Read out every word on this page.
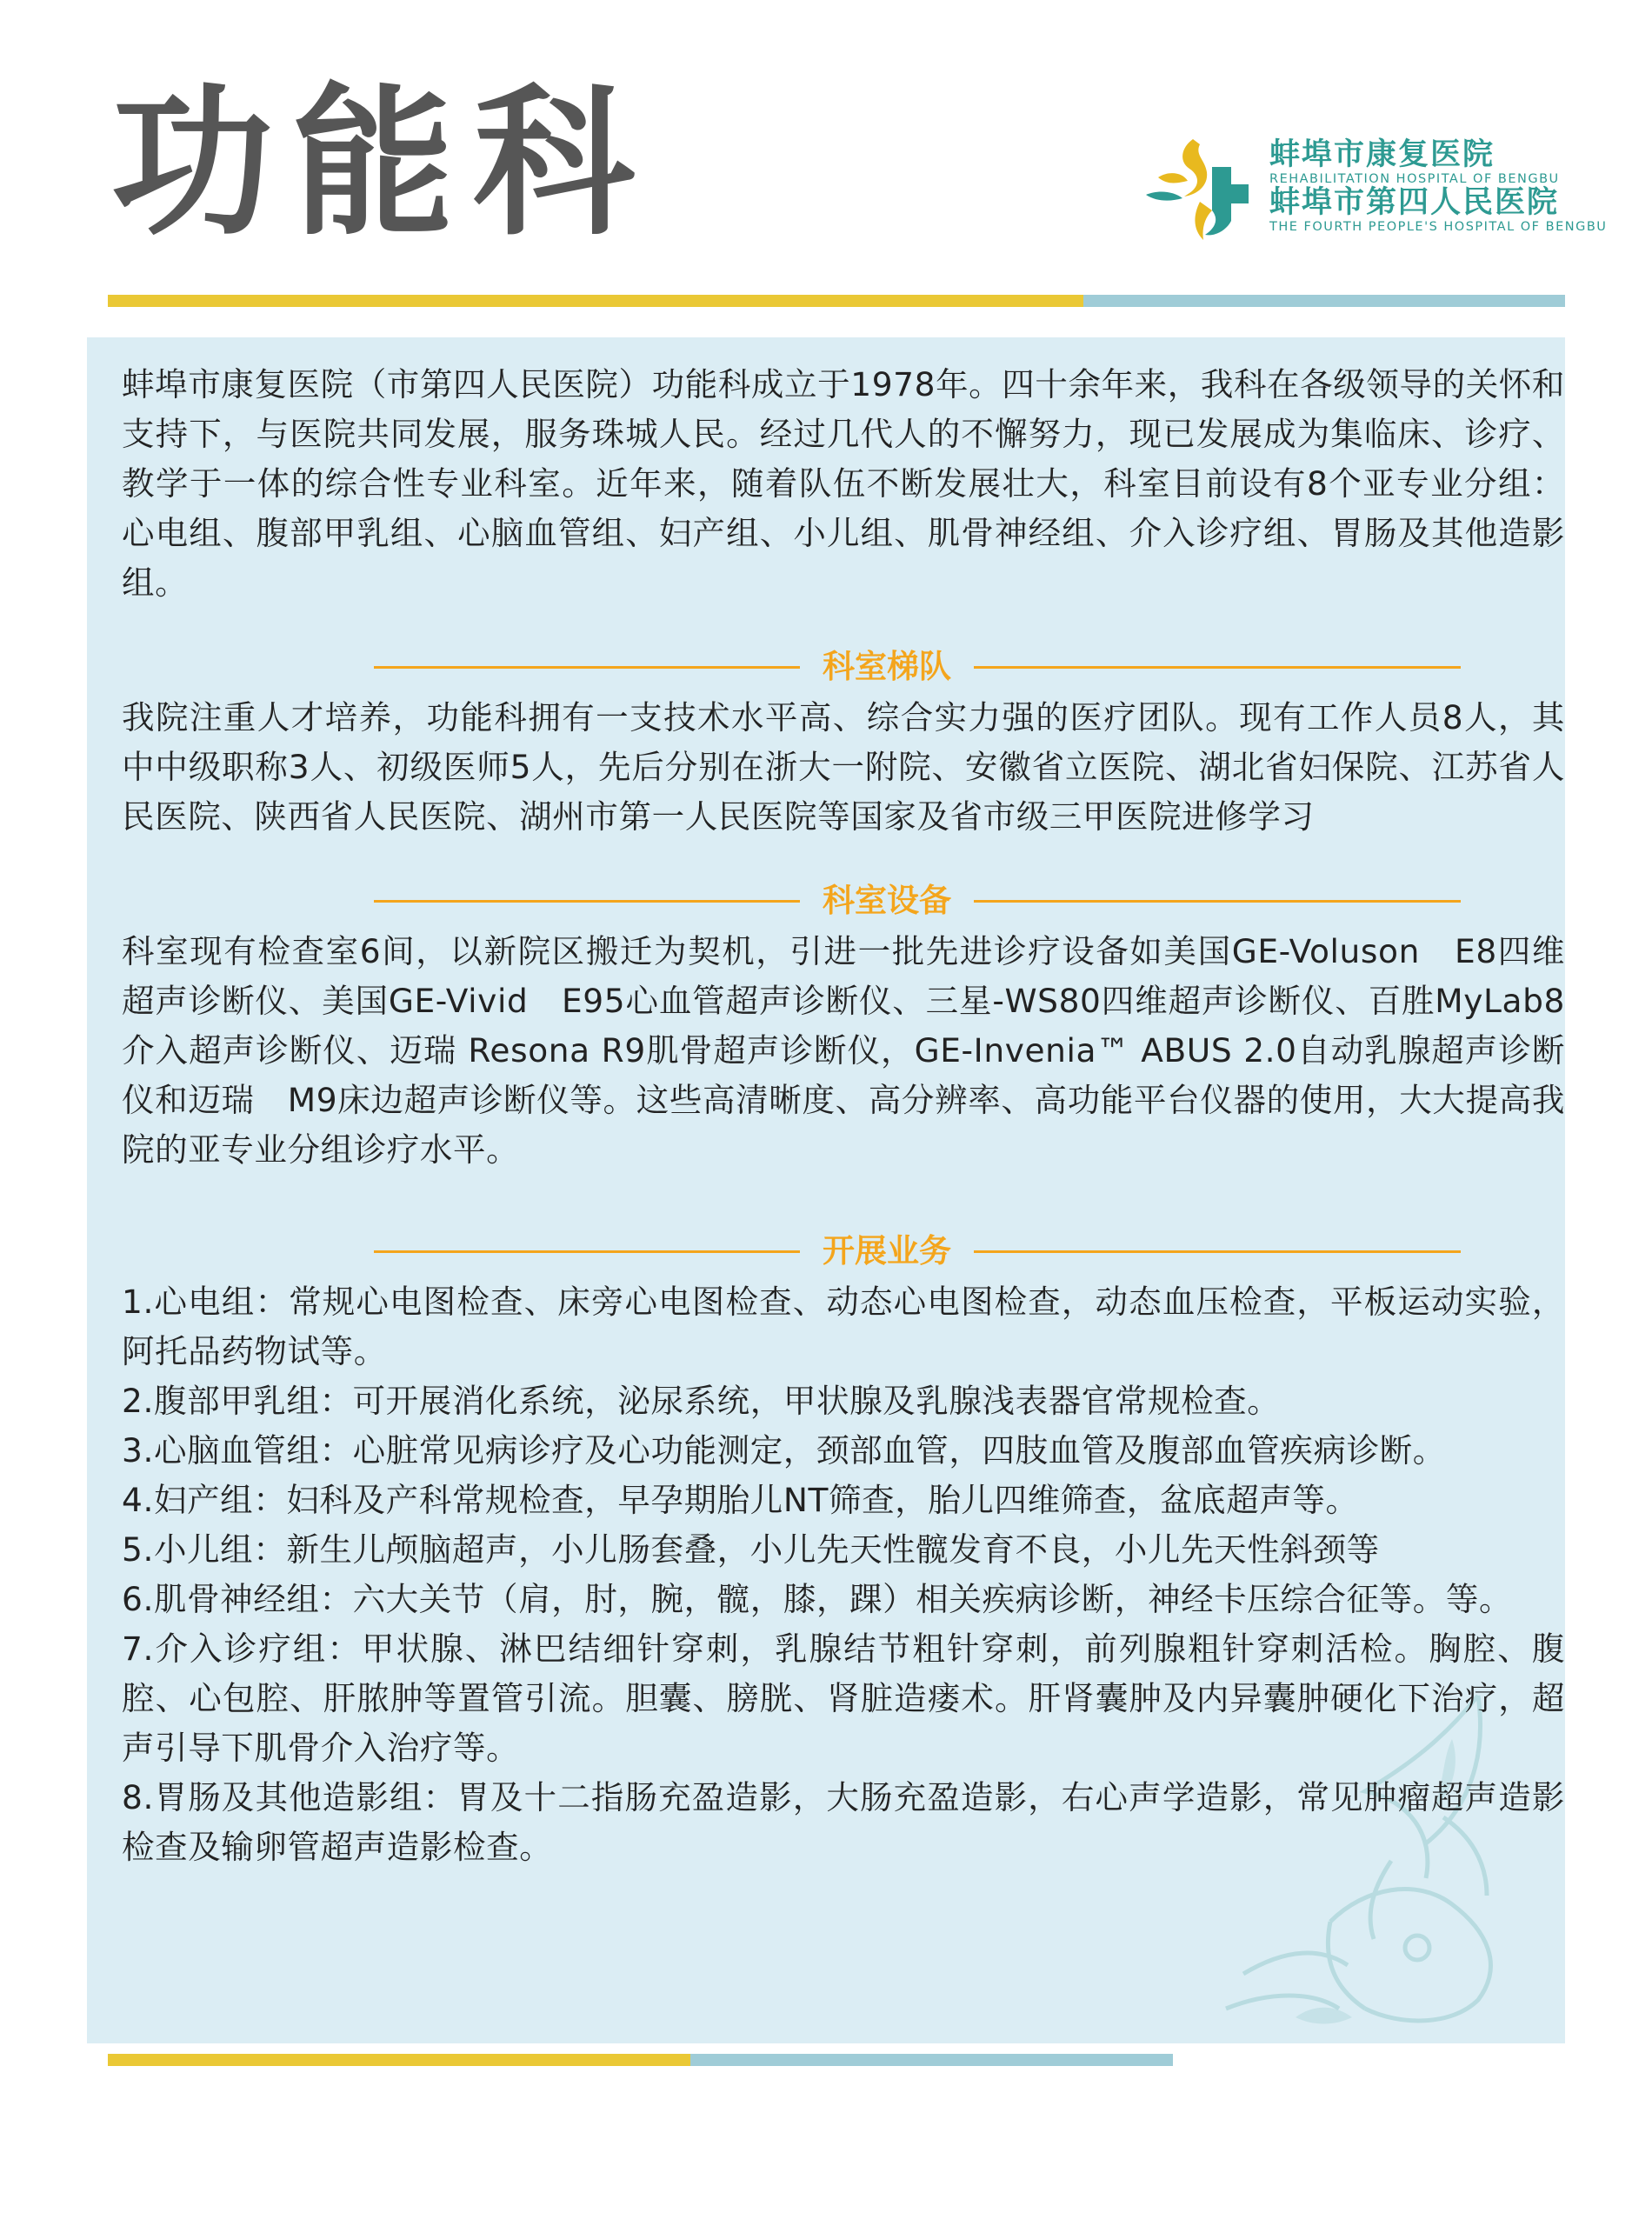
功能科	蚌埠市康复医院
REHABILITATION HOSPITAL OF BENGBU
蚌埠市第四人民医院
THE FOURTH PEOPLE'S HOSPITAL OF BENGBU

蚌埠市康复医院（市第四人民医院）功能科成立于1978年。四十余年来，我科在各级领导的关怀和支持下，与医院共同发展，服务珠城人民。经过几代人的不懈努力，现已发展成为集临床、诊疗、教学于一体的综合性专业科室。近年来，随着队伍不断发展壮大，科室目前设有8个亚专业分组：心电组、腹部甲乳组、心脑血管组、妇产组、小儿组、肌骨神经组、介入诊疗组、胃肠及其他造影组。

科室梯队

我院注重人才培养，功能科拥有一支技术水平高、综合实力强的医疗团队。现有工作人员8人，其中中级职称3人、初级医师5人，先后分别在浙大一附院、安徽省立医院、湖北省妇保院、江苏省人民医院、陕西省人民医院、湖州市第一人民医院等国家及省市级三甲医院进修学习

科室设备

科室现有检查室6间，以新院区搬迁为契机，引进一批先进诊疗设备如美国GE-Voluson　E8四维超声诊断仪、美国GE-Vivid　E95心血管超声诊断仪、三星-WS80四维超声诊断仪、百胜MyLab8介入超声诊断仪、迈瑞 Resona R9肌骨超声诊断仪，GE-Invenia™ ABUS 2.0自动乳腺超声诊断仪和迈瑞　M9床边超声诊断仪等。这些高清晰度、高分辨率、高功能平台仪器的使用，大大提高我院的亚专业分组诊疗水平。

开展业务

1.心电组：常规心电图检查、床旁心电图检查、动态心电图检查，动态血压检查，平板运动实验，阿托品药物试等。

2.腹部甲乳组：可开展消化系统，泌尿系统，甲状腺及乳腺浅表器官常规检查。

3.心脑血管组：心脏常见病诊疗及心功能测定，颈部血管，四肢血管及腹部血管疾病诊断。

4.妇产组：妇科及产科常规检查，早孕期胎儿NT筛查，胎儿四维筛查，盆底超声等。

5.小儿组：新生儿颅脑超声，小儿肠套叠，小儿先天性髋发育不良，小儿先天性斜颈等

6.肌骨神经组：六大关节（肩，肘，腕，髋，膝，踝）相关疾病诊断，神经卡压综合征等。等。

7.介入诊疗组：甲状腺、淋巴结细针穿刺，乳腺结节粗针穿刺，前列腺粗针穿刺活检。胸腔、腹腔、心包腔、肝脓肿等置管引流。胆囊、膀胱、肾脏造瘘术。肝肾囊肿及内异囊肿硬化下治疗，超声引导下肌骨介入治疗等。

8.胃肠及其他造影组：胃及十二指肠充盈造影，大肠充盈造影，右心声学造影，常见肿瘤超声造影检查及输卵管超声造影检查。
